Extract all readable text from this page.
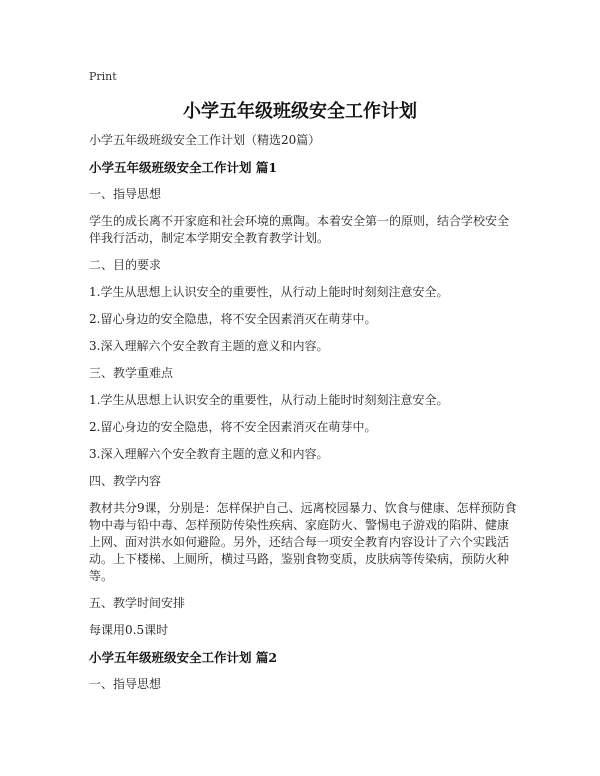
Print
小学五年级班级安全工作计划

小学五年级班级安全工作计划（精选20篇）

小学五年级班级安全工作计划 篇1

一、指导思想

学生的成长离不开家庭和社会环境的熏陶。本着安全第一的原则，结合学校安全伴我行活动，制定本学期安全教育教学计划。

二、目的要求

1.学生从思想上认识安全的重要性，从行动上能时时刻刻注意安全。

2.留心身边的安全隐患，将不安全因素消灭在萌芽中。

3.深入理解六个安全教育主题的意义和内容。

三、教学重难点

1.学生从思想上认识安全的重要性，从行动上能时时刻刻注意安全。

2.留心身边的安全隐患，将不安全因素消灭在萌芽中。

3.深入理解六个安全教育主题的意义和内容。

四、教学内容

教材共分9课，分别是：怎样保护自己、远离校园暴力、饮食与健康、怎样预防食物中毒与铅中毒、怎样预防传染性疾病、家庭防火、警惕电子游戏的陷阱、健康上网、面对洪水如何避险。另外，还结合每一项安全教育内容设计了六个实践活动。上下楼梯、上厕所，横过马路，鉴别食物变质，皮肤病等传染病，预防火种等。

五、教学时间安排

每课用0.5课时

小学五年级班级安全工作计划 篇2

一、指导思想
